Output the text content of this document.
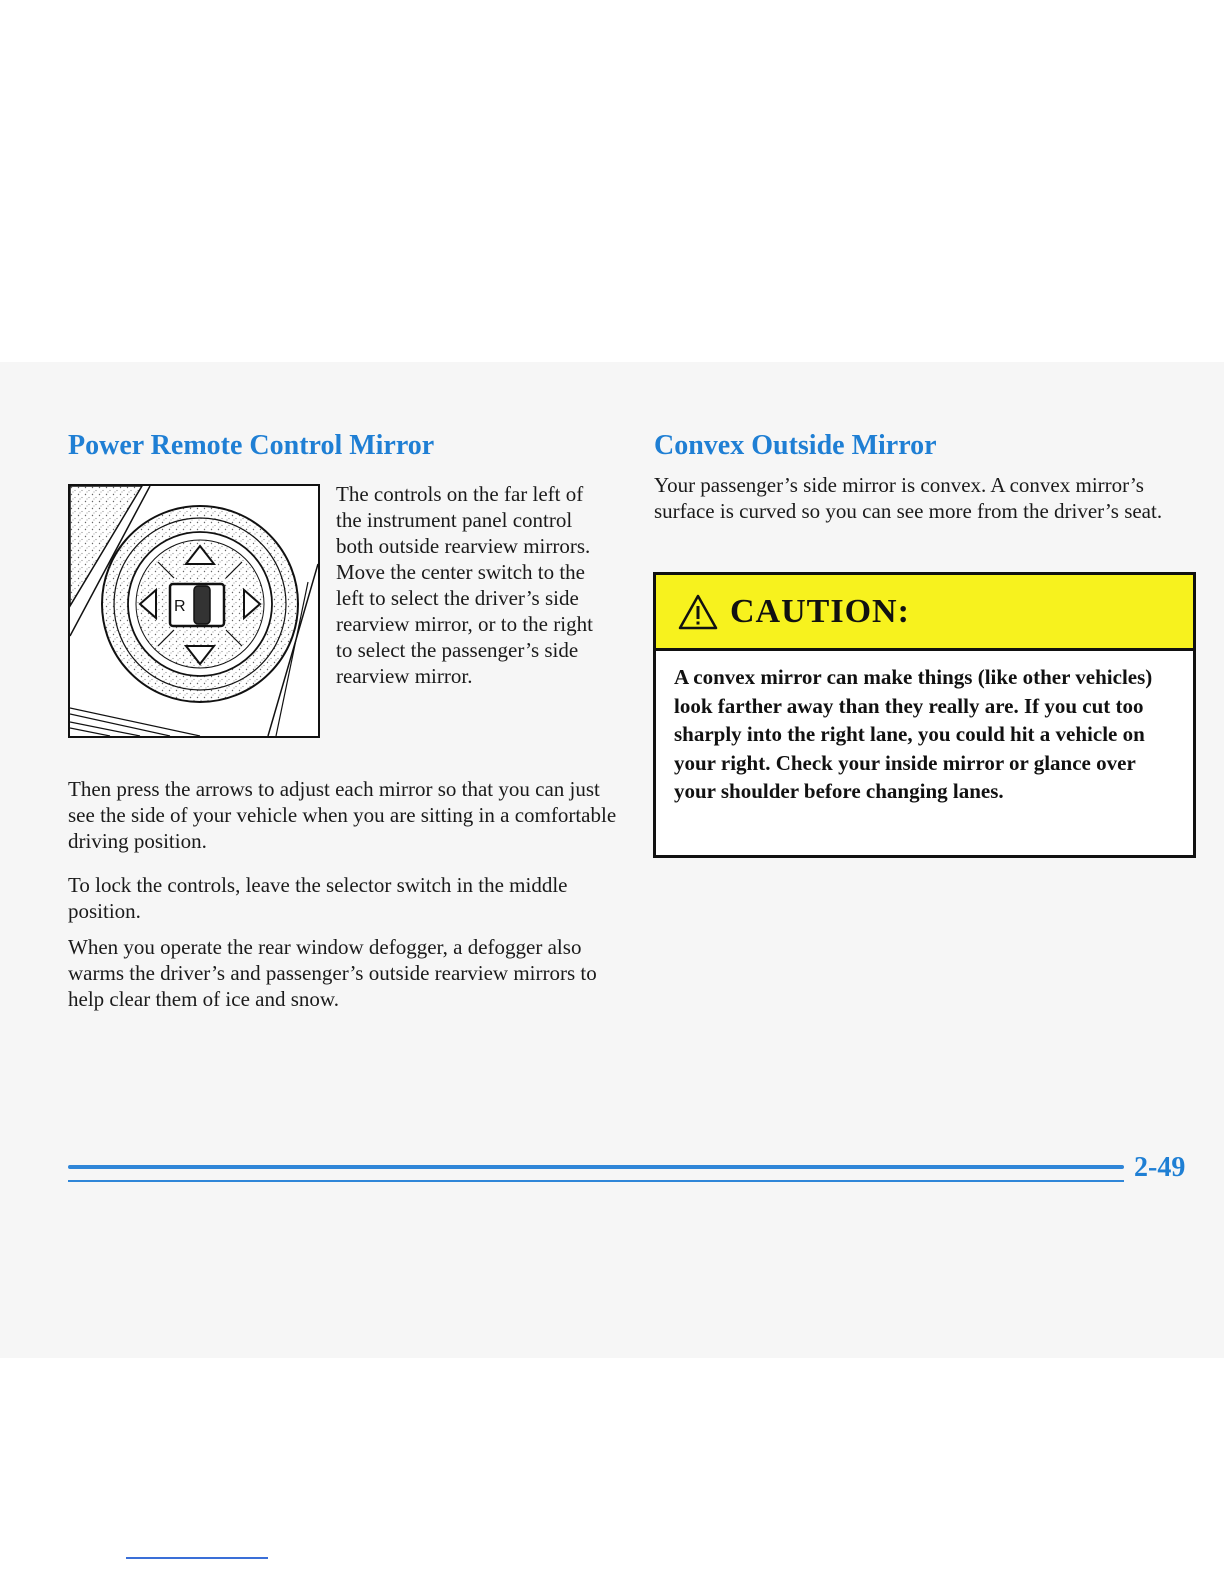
Power Remote Control Mirror
R

The controls on the far left of the instrument panel control both outside rearview mirrors. Move the center switch to the left to select the driver’s side rearview mirror, or to the right to select the passenger’s side rearview mirror.

Then press the arrows to adjust each mirror so that you can just see the side of your vehicle when you are sitting in a comfortable driving position.

To lock the controls, leave the selector switch in the middle position.

When you operate the rear window defogger, a defogger also warms the driver’s and passenger’s outside rearview mirrors to help clear them of ice and snow.

Convex Outside Mirror

Your passenger’s side mirror is convex. A convex mirror’s surface is curved so you can see more from the driver’s seat.

CAUTION:

A convex mirror can make things (like other vehicles) look farther away than they really are. If you cut too sharply into the right lane, you could hit a vehicle on your right. Check your inside mirror or glance over your shoulder before changing lanes.

2-49
